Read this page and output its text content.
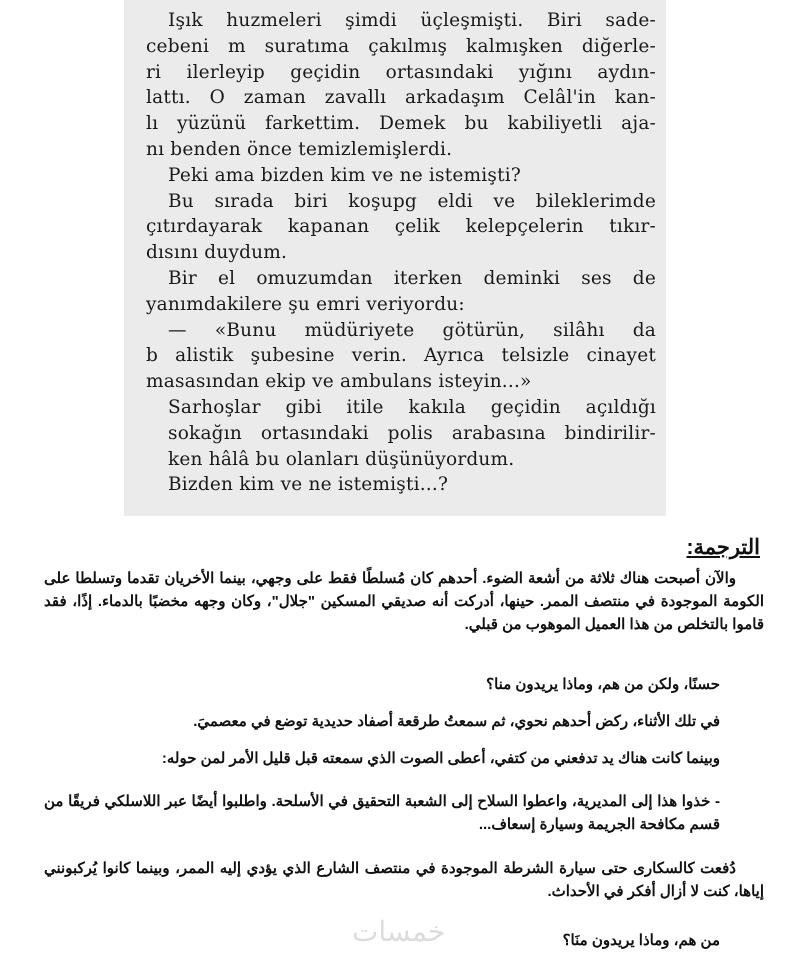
Işık huzmeleri şimdi üçleşmişti. Biri sade-
cebeni m suratıma çakılmış kalmışken diğerle-
ri ilerleyip geçidin ortasındaki yığını aydın-
lattı. O zaman zavallı arkadaşım Celâl'in kan-
lı yüzünü farkettim. Demek bu kabiliyetli aja-
nı benden önce temizlemişlerdi.
Peki ama bizden kim ve ne istemişti?
Bu sırada biri koşupg eldi ve bileklerimde
çıtırdayarak kapanan çelik kelepçelerin tıkır-
dısını duydum.
Bir el omuzumdan iterken deminki ses de
yanımdakilere şu emri veriyordu:
— «Bunu müdüriyete götürün, silâhı da
b alistik şubesine verin. Ayrıca telsizle cinayet
masasından ekip ve ambulans isteyin...»
Sarhoşlar gibi itile kakıla geçidin açıldığı
sokağın ortasındaki polis arabasına bindirilir-
ken hâlâ bu olanları düşünüyordum.
Bizden kim ve ne istemişti...?
الترجمة:
والآن أصبحت هناك ثلاثة من أشعة الضوء. أحدهم كان مُسلطًا فقط على وجهي، بينما الأخريان تقدما وتسلطا على الكومة الموجودة في منتصف الممر. حينها، أدركت أنه صديقي المسكين "جلال"، وكان وجهه مخضبًا بالدماء. إذًا، فقد قاموا بالتخلص من هذا العميل الموهوب من قبلي.
حسنًا، ولكن من هم، وماذا يريدون منا؟
في تلك الأثناء، ركض أحدهم نحوي، ثم سمعتُ طرقعة أصفاد حديدية توضع في معصميَ.
وبينما كانت هناك يد تدفعني من كتفي، أعطى الصوت الذي سمعته قبل قليل الأمر لمن حوله:
- خذوا هذا إلى المديرية، واعطوا السلاح إلى الشعبة التحقيق في الأسلحة. واطلبوا أيضًا عبر اللاسلكي فريقًا من قسم مكافحة الجريمة وسيارة إسعاف...
دُفعت كالسكارى حتى سيارة الشرطة الموجودة في منتصف الشارع الذي يؤدي إليه الممر، وبينما كانوا يُركبونني إياها، كنت لا أزال أفكر في الأحداث.
من هم، وماذا يريدون منَا؟
خمسات
